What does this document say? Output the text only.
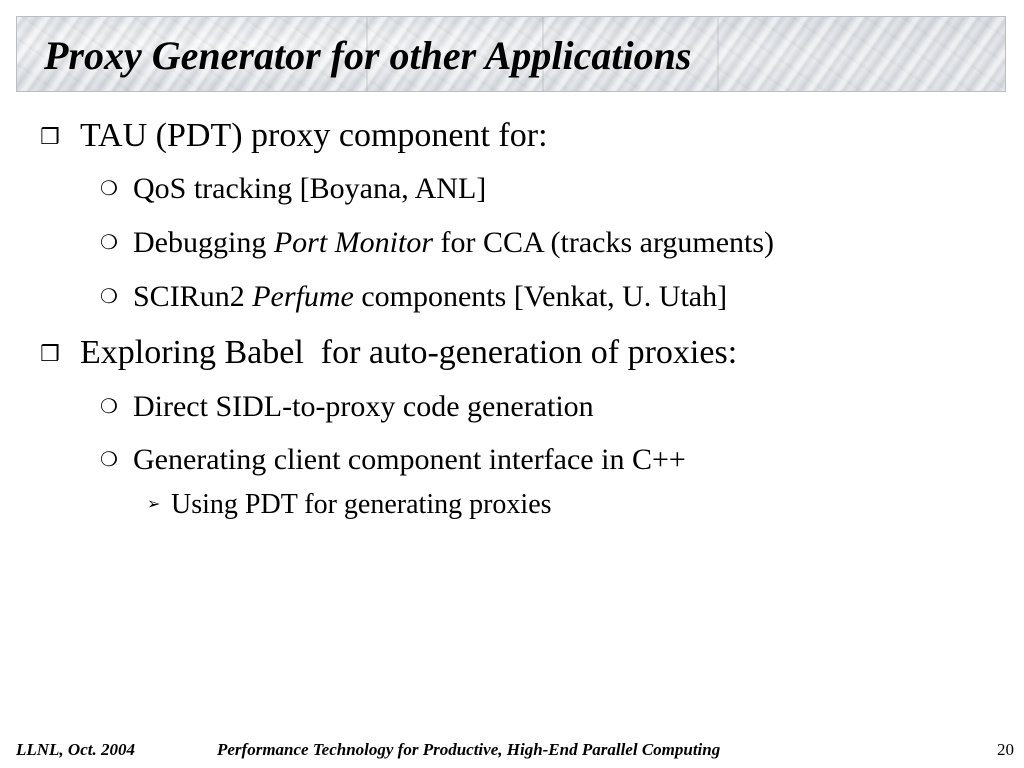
Proxy Generator for other Applications
❒ TAU (PDT) proxy component for:
❍ QoS tracking [Boyana, ANL]
❍ Debugging Port Monitor for CCA (tracks arguments)
❍ SCIRun2 Perfume components [Venkat, U. Utah]
❒ Exploring Babel  for auto-generation of proxies:
❍ Direct SIDL-to-proxy code generation
❍ Generating client component interface in C++
➢ Using PDT for generating proxies
LLNL, Oct. 2004	Performance Technology for Productive, High-End Parallel Computing	20
